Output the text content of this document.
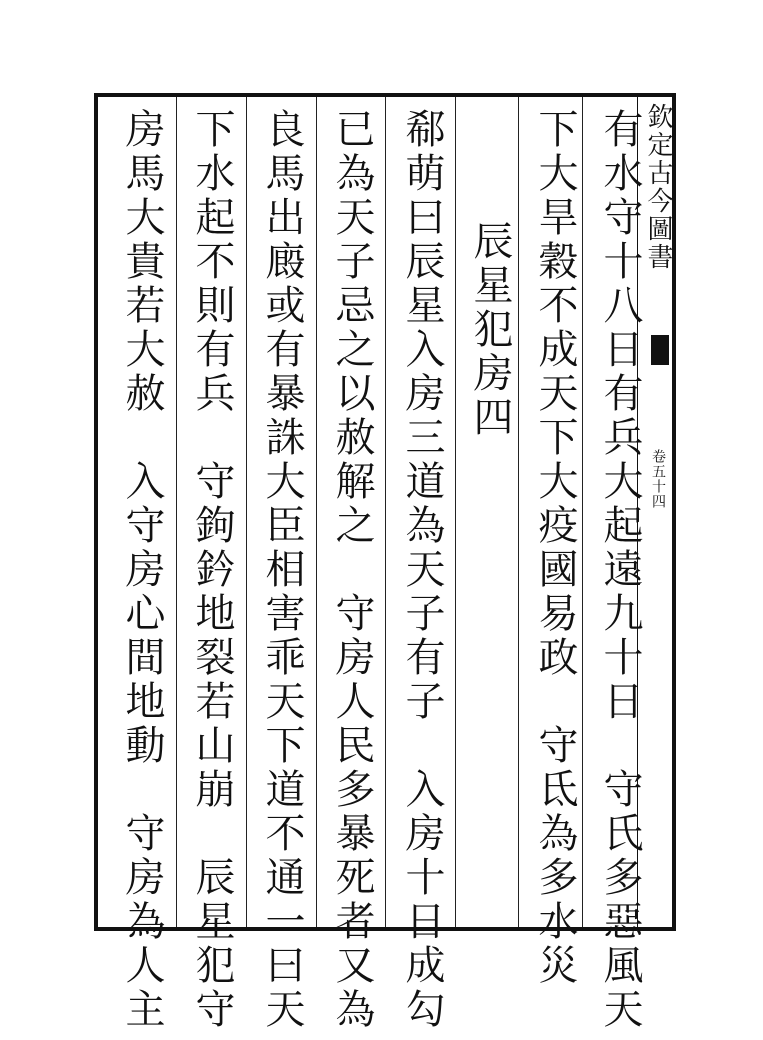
欽定古今圖書
卷五十四
有水守十八日有兵大起遠九十日　守氏多惡風天
下大旱穀不成天下大疫國易政　守氐為多水災
辰星犯房四
郗萌曰辰星入房三道為天子有子　入房十日成勾
已為天子忌之以赦解之　守房人民多暴死者又為
良馬出廄或有暴誅大臣相害乖天下道不通一曰天
下水起不則有兵　守鉤鈐地裂若山崩　辰星犯守
房馬大貴若大赦　入守房心間地動　守房為人主
